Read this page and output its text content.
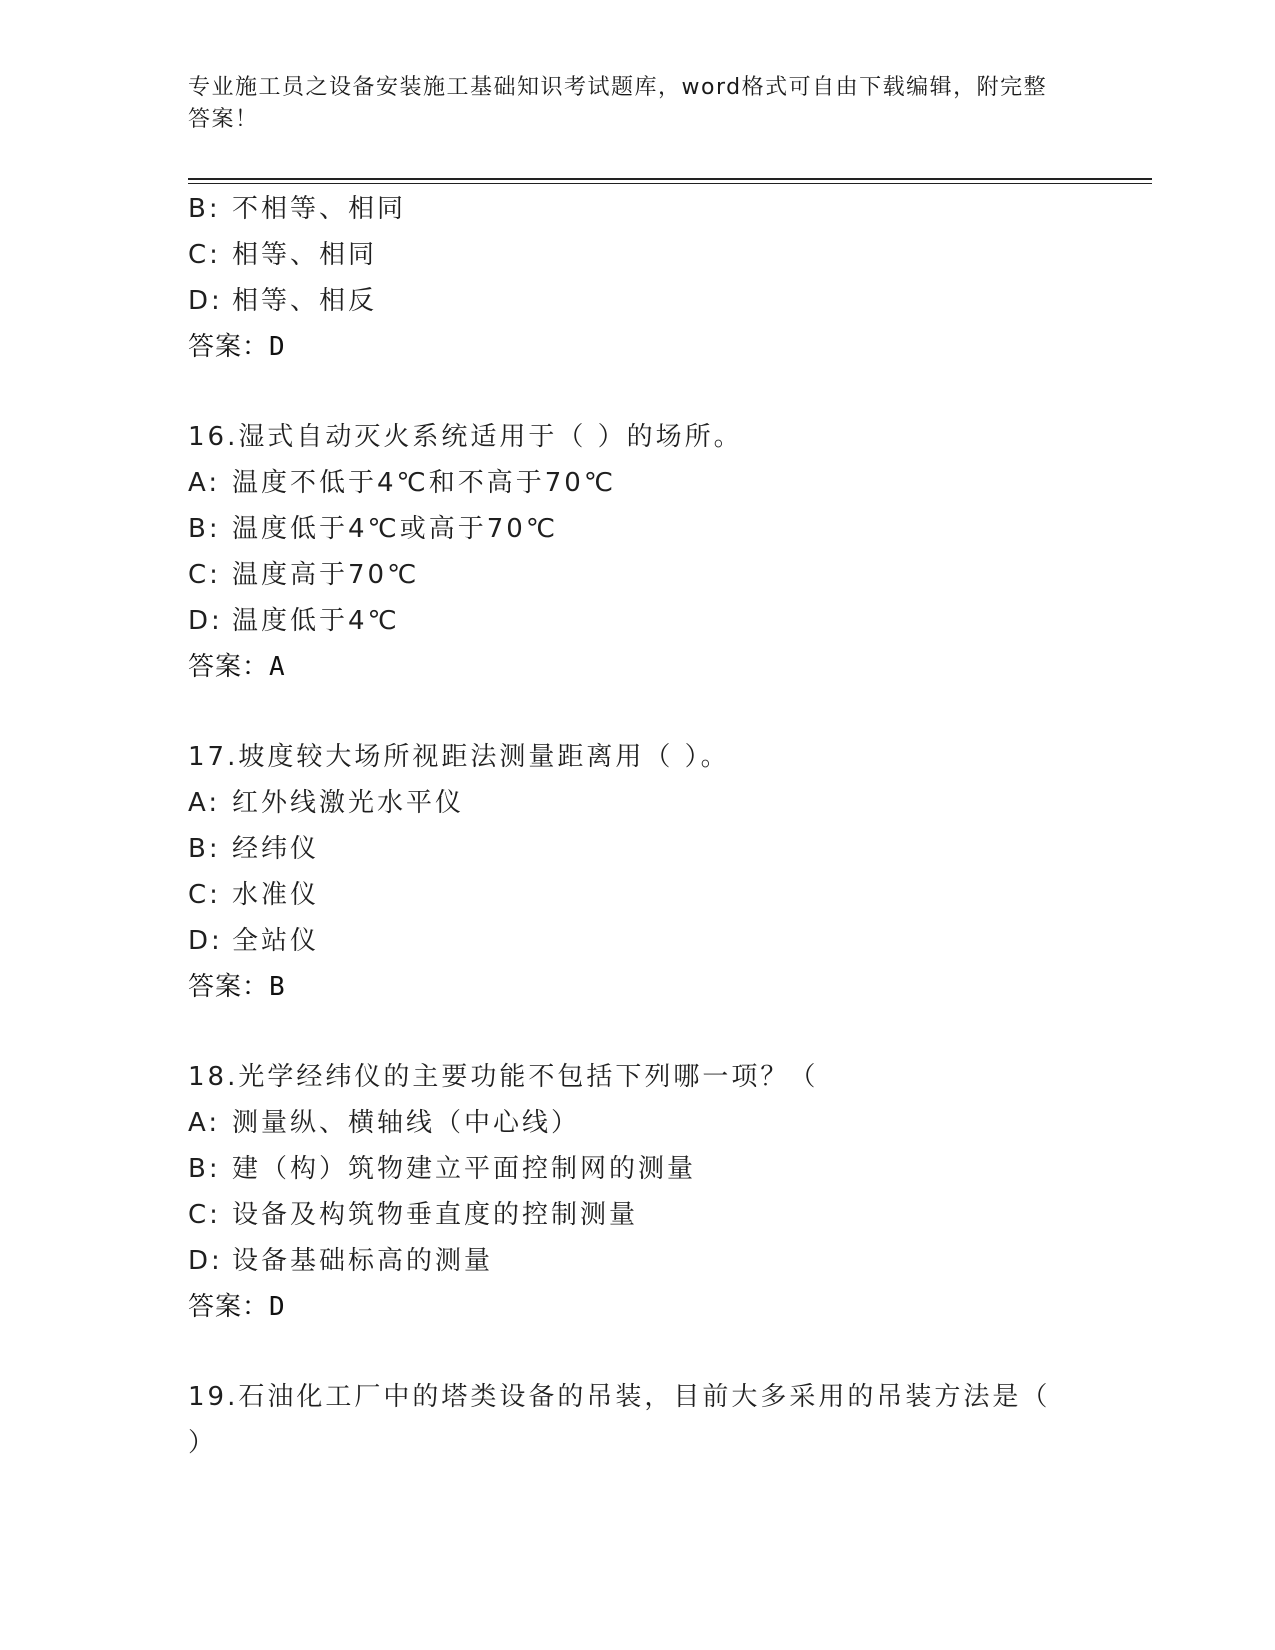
专业施工员之设备安装施工基础知识考试题库，word格式可自由下载编辑，附完整答案！
B: 不相等、相同
C: 相等、相同
D: 相等、相反
答案：D
16.湿式自动灭火系统适用于（ ）的场所。
A: 温度不低于4℃和不高于70℃
B: 温度低于4℃或高于70℃
C: 温度高于70℃
D: 温度低于4℃
答案：A
17.坡度较大场所视距法测量距离用（ ）。
A: 红外线激光水平仪
B: 经纬仪
C: 水准仪
D: 全站仪
答案：B
18.光学经纬仪的主要功能不包括下列哪一项？（
A: 测量纵、横轴线（中心线）
B: 建（构）筑物建立平面控制网的测量
C: 设备及构筑物垂直度的控制测量
D: 设备基础标高的测量
答案：D
19.石油化工厂中的塔类设备的吊装，目前大多采用的吊装方法是（
）
